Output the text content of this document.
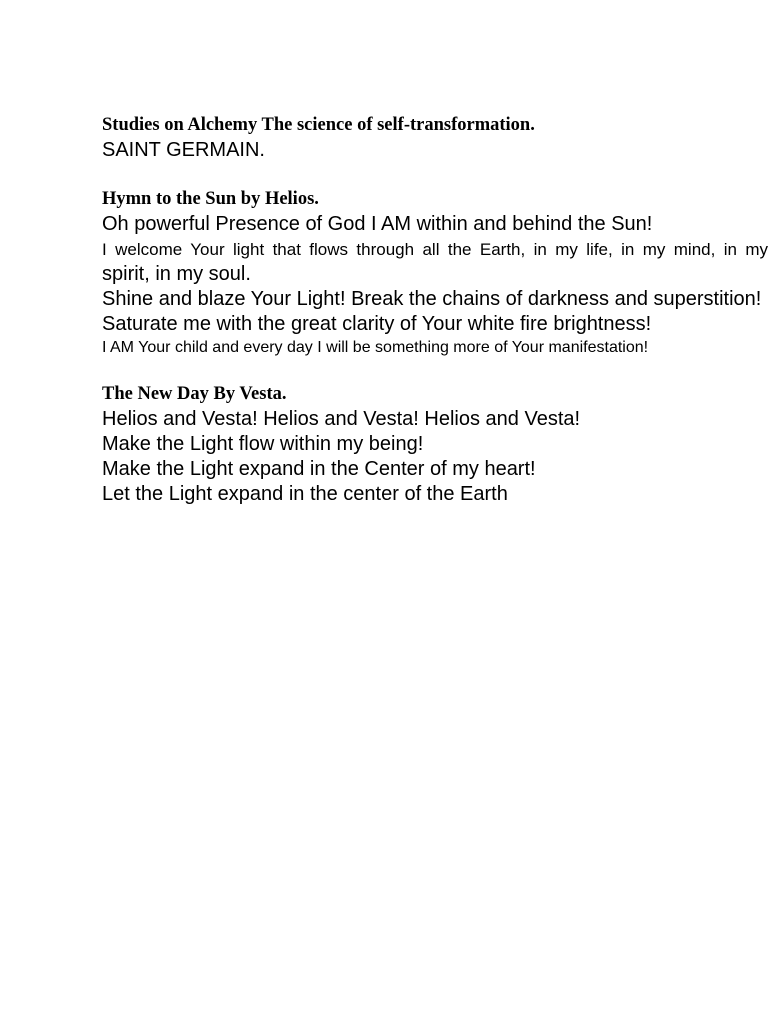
Studies on Alchemy The science of self-transformation.
SAINT GERMAIN.
Hymn to the Sun by Helios.
Oh powerful Presence of God I AM within and behind the Sun!
I welcome Your light that flows through all the Earth, in my life, in my mind, in my
spirit, in my soul.
Shine and blaze Your Light! Break the chains of darkness and superstition!
Saturate me with the great clarity of Your white fire brightness!
I AM Your child and every day I will be something more of Your manifestation!
The New Day By Vesta.
Helios and Vesta! Helios and Vesta! Helios and Vesta!
Make the Light flow within my being!
Make the Light expand in the Center of my heart!
Let the Light expand in the center of the Earth
